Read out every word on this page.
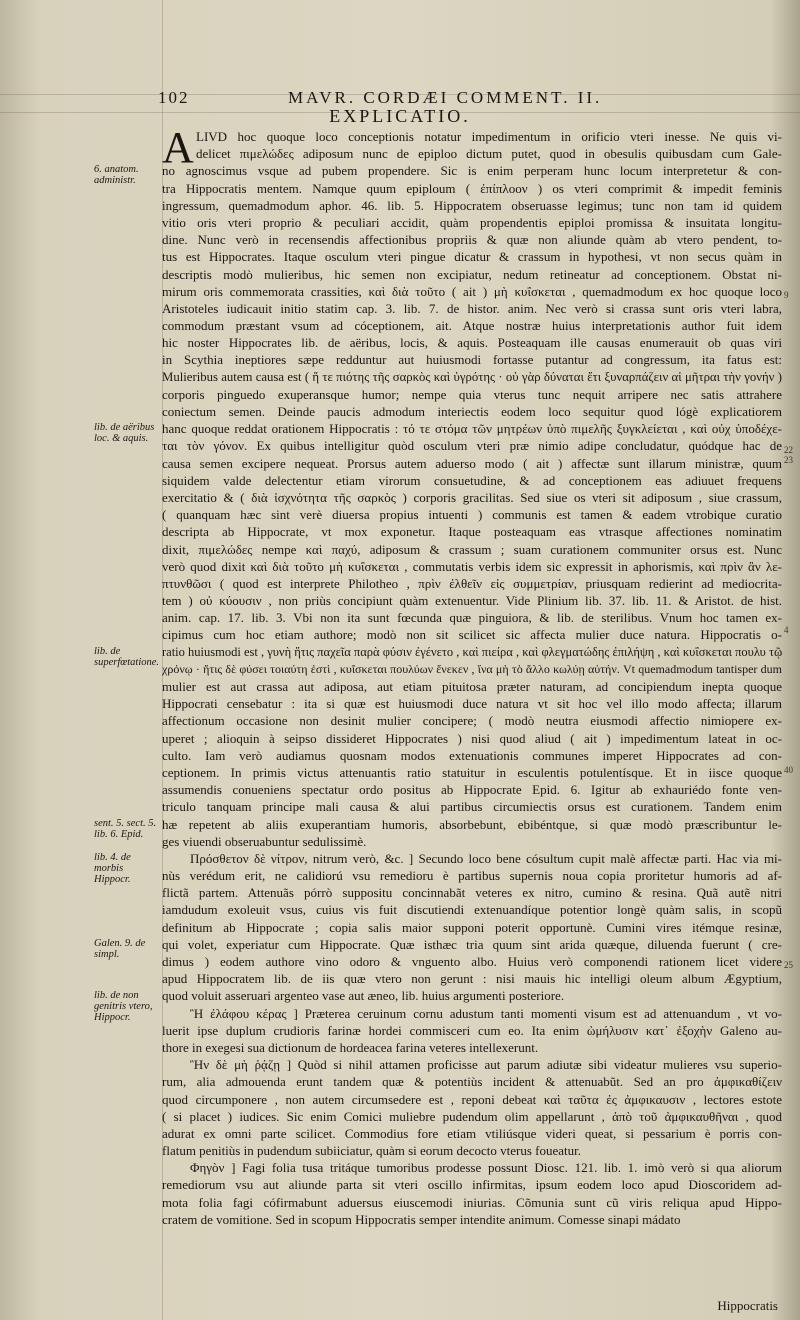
102	MAVR. CORDÆI COMMENT. II.
EXPLICATIO.
A
6. anatom. administr.
lib. de aëribus loc. & aquis.
lib. de superfœtatione.
sent. 5. sect. 5. lib. 6. Epid.
lib. 4. de morbis Hippocr.
Galen. 9. de simpl.
lib. de non genitris vtero, Hippocr.
LIVD hoc quoque loco conceptionis notatur impedimentum in orificio vteri inesse. Ne quis vi-
delicet πιμελώδες adiposum nunc de epiploo dictum putet, quod in obesulis quibusdam cum Gale-
no agnoscimus vsque ad pubem propendere. Sic is enim perperam hunc locum interpretetur & con-
tra Hippocratis mentem. Namque quum epiploum ( ἐπίπλοον ) os vteri comprimit & impedit feminis
ingressum, quemadmodum aphor. 46. lib. 5. Hippocratem obseruasse legimus; tunc non tam id quidem
vitio oris vteri proprio & peculiari accidit, quàm propendentis epiploi promissa & insuitata longitu-
dine. Nunc verò in recensendis affectionibus propriis & quæ non aliunde quàm ab vtero pendent, to-
tus est Hippocrates. Itaque osculum vteri pingue dicatur & crassum in hypothesi, vt non secus quàm in
descriptis modò mulieribus, hic semen non excipiatur, nedum retineatur ad conceptionem. Obstat ni-
mirum oris commemorata crassities, καὶ διὰ τοῦτο ( ait ) μὴ κυΐσκεται , quemadmodum ex hoc quoque loco
Aristoteles iudicauit initio statim cap. 3. lib. 7. de histor. anim. Nec verò si crassa sunt oris vteri labra,
commodum præstant vsum ad cóceptionem, ait. Atque nostræ huius interpretationis author fuit idem
hic noster Hippocrates lib. de aëribus, locis, & aquis. Posteaquam ille causas enumerauit ob quas viri
in Scythia ineptiores sæpe redduntur aut huiusmodi fortasse putantur ad congressum, ita fatus est:
Mulieribus autem causa est ( ἥ τε πιότης τῆς σαρκὸς καὶ ὑγρότης · οὐ γὰρ δύναται ἔτι ξυναρπάζειν αἱ μῆτραι τὴν γονήν )
corporis pinguedo exuperansque humor; nempe quia vterus tunc nequit arripere nec satis attrahere
coniectum semen. Deinde paucis admodum interiectis eodem loco sequitur quod lógè explicatiorem
hanc quoque reddat orationem Hippocratis : τό τε στόμα τῶν μητρέων ὑπὸ πιμελῆς ξυγκλείεται , καὶ οὐχ ὑποδέχε-
ται τὸν γόνον. Ex quibus intelligitur quòd osculum vteri præ nimio adipe concludatur, quódque hac de
causa semen excipere nequeat. Prorsus autem aduerso modo ( ait ) affectæ sunt illarum ministræ, quum
siquidem valde delectentur etiam virorum consuetudine, & ad conceptionem eas adiuuet frequens
exercitatio & ( διὰ ἰσχνότητα τῆς σαρκὸς ) corporis gracilitas. Sed siue os vteri sit adiposum , siue crassum,
( quanquam hæc sint verè diuersa propius intuenti ) communis est tamen & eadem vtrobique curatio
descripta ab Hippocrate, vt mox exponetur. Itaque posteaquam eas vtrasque affectiones nominatim
dixit, πιμελώδες nempe καὶ παχύ, adiposum & crassum ; suam curationem communiter orsus est. Nunc
verò quod dixit καὶ διὰ τοῦτο μὴ κυΐσκεται , commutatis verbis idem sic expressit in aphorismis, καὶ πρὶν ἂν λε-
πτυνθῶσι ( quod est interprete Philotheo , πρὶν ἐλθεῖν εἰς συμμετρίαν, priusquam redierint ad mediocrita-
tem ) οὐ κύουσιν , non priùs concipiunt quàm extenuentur. Vide Plinium lib. 37. lib. 11. & Aristot. de hist.
anim. cap. 17. lib. 3. Vbi non ita sunt fœcunda quæ pinguiora, & lib. de sterilibus. Vnum hoc tamen ex-
cipimus cum hoc etiam authore; modò non sit scilicet sic affecta mulier duce natura. Hippocratis o-
ratio huiusmodi est , γυνὴ ἥτις παχεῖα παρὰ φύσιν ἐγένετο , καὶ πιείρα , καὶ φλεγματώδης ἐπιλήψη , καὶ κυΐσκεται πουλυ τῷ
χρόνῳ · ἥτις δὲ φύσει τοιαύτη ἐστὶ , κυΐσκεται πουλύων ἕνεκεν , ἵνα μὴ τὸ ἄλλο κωλύῃ αὐτήν. Vt quemadmodum tantisper dum
mulier est aut crassa aut adiposa, aut etiam pituitosa præter naturam, ad concipiendum inepta quoque
Hippocrati censebatur : ita si quæ est huiusmodi duce natura vt sit hoc vel illo modo affecta; illarum
affectionum occasione non desinit mulier concipere; ( modò neutra eiusmodi affectio nimiopere ex-
uperet ; alioquin à seipso dissideret Hippocrates ) nisi quod aliud ( ait ) impedimentum lateat in oc-
culto. Iam verò audiamus quosnam modos extenuationis communes imperet Hippocrates ad con-
ceptionem. In primis victus attenuantis ratio statuitur in esculentis potulentísque. Et in iisce quoque
assumendis conueniens spectatur ordo positus ab Hippocrate Epid. 6. Igitur ab exhauriédo fonte ven-
triculo tanquam principe mali causa & alui partibus circumiectis orsus est curationem. Tandem enim
hæ repetent ab aliis exuperantiam humoris, absorbebunt, ebibéntque, si quæ modò præscribuntur le-
ges viuendi obseruabuntur sedulissimè.
Πρόσθετον δὲ νίτρον, nitrum verò, &c. ] Secundo loco bene cósultum cupit malè affectæ parti. Hac via mi-
nùs verédum erit, ne calidiorú vsu remedioru è partibus supernis noua copia proritetur humoris ad af-
flictã partem. Attenuãs pórrò suppositu concinnabãt veteres ex nitro, cumino & resina. Quã autẽ nitri
iamdudum exoleuit vsus, cuius vis fuit discutiendi extenuandíque potentior longè quàm salis, in scopũ
definitum ab Hippocrate ; copia salis maior supponi poterit opportunè. Cumini vires itémque resinæ,
qui volet, experiatur cum Hippocrate. Quæ isthæc tria quum sint arida quæque, diluenda fuerunt ( cre-
dimus ) eodem authore vino odoro & vnguento albo. Huius verò componendi rationem licet videre
apud Hippocratem lib. de iis quæ vtero non gerunt : nisi mauis hic intelligi oleum album Ægyptium,
quod voluit asseruari argenteo vase aut æneo, lib. huius argumenti posteriore.
Ἢ ἐλάφου κέρας ] Præterea ceruinum cornu adustum tanti momenti visum est ad attenuandum , vt vo-
luerit ipse duplum crudioris farinæ hordei commisceri cum eo. Ita enim ὠμήλυσιν κατ᾽ ἐξοχὴν Galeno au-
thore in exegesi sua dictionum de hordeacea farina veteres intellexerunt.
Ἢν δὲ μὴ ῥᾴζῃ ] Quòd si nihil attamen proficisse aut parum adiutæ sibi videatur mulieres vsu superio-
rum, alia admouenda erunt tandem quæ & potentiùs incident & attenuabũt. Sed an pro ἀμφικαθίζειν
quod circumponere , non autem circumsedere est , reponi debeat καὶ ταῦτα ἐς ἀμφικαυσιν , lectores estote
( si placet ) iudices. Sic enim Comici muliebre pudendum olim appellarunt , ἀπὸ τοῦ ἀμφικαυθῆναι , quod
adurat ex omni parte scilicet. Commodius fore etiam vtiliúsque videri queat, si pessarium è porris con-
flatum penitiùs in pudendum subiiciatur, quàm si eorum decocto vterus foueatur.
Φηγὸν ] Fagi folia tusa tritáque tumoribus prodesse possunt Diosc. 121. lib. 1. imò verò si qua aliorum
remediorum vsu aut aliunde parta sit vteri oscillo infirmitas, ipsum eodem loco apud Dioscoridem ad-
mota folia fagi cófirmabunt aduersus eiuscemodi iniurias. Cõmunia sunt cũ viris reliqua apud Hippo-
cratem de vomitione. Sed in scopum Hippocratis semper intendite animum. Comesse sinapi mádato
Hippocratis
9
22
23
4
40
25
